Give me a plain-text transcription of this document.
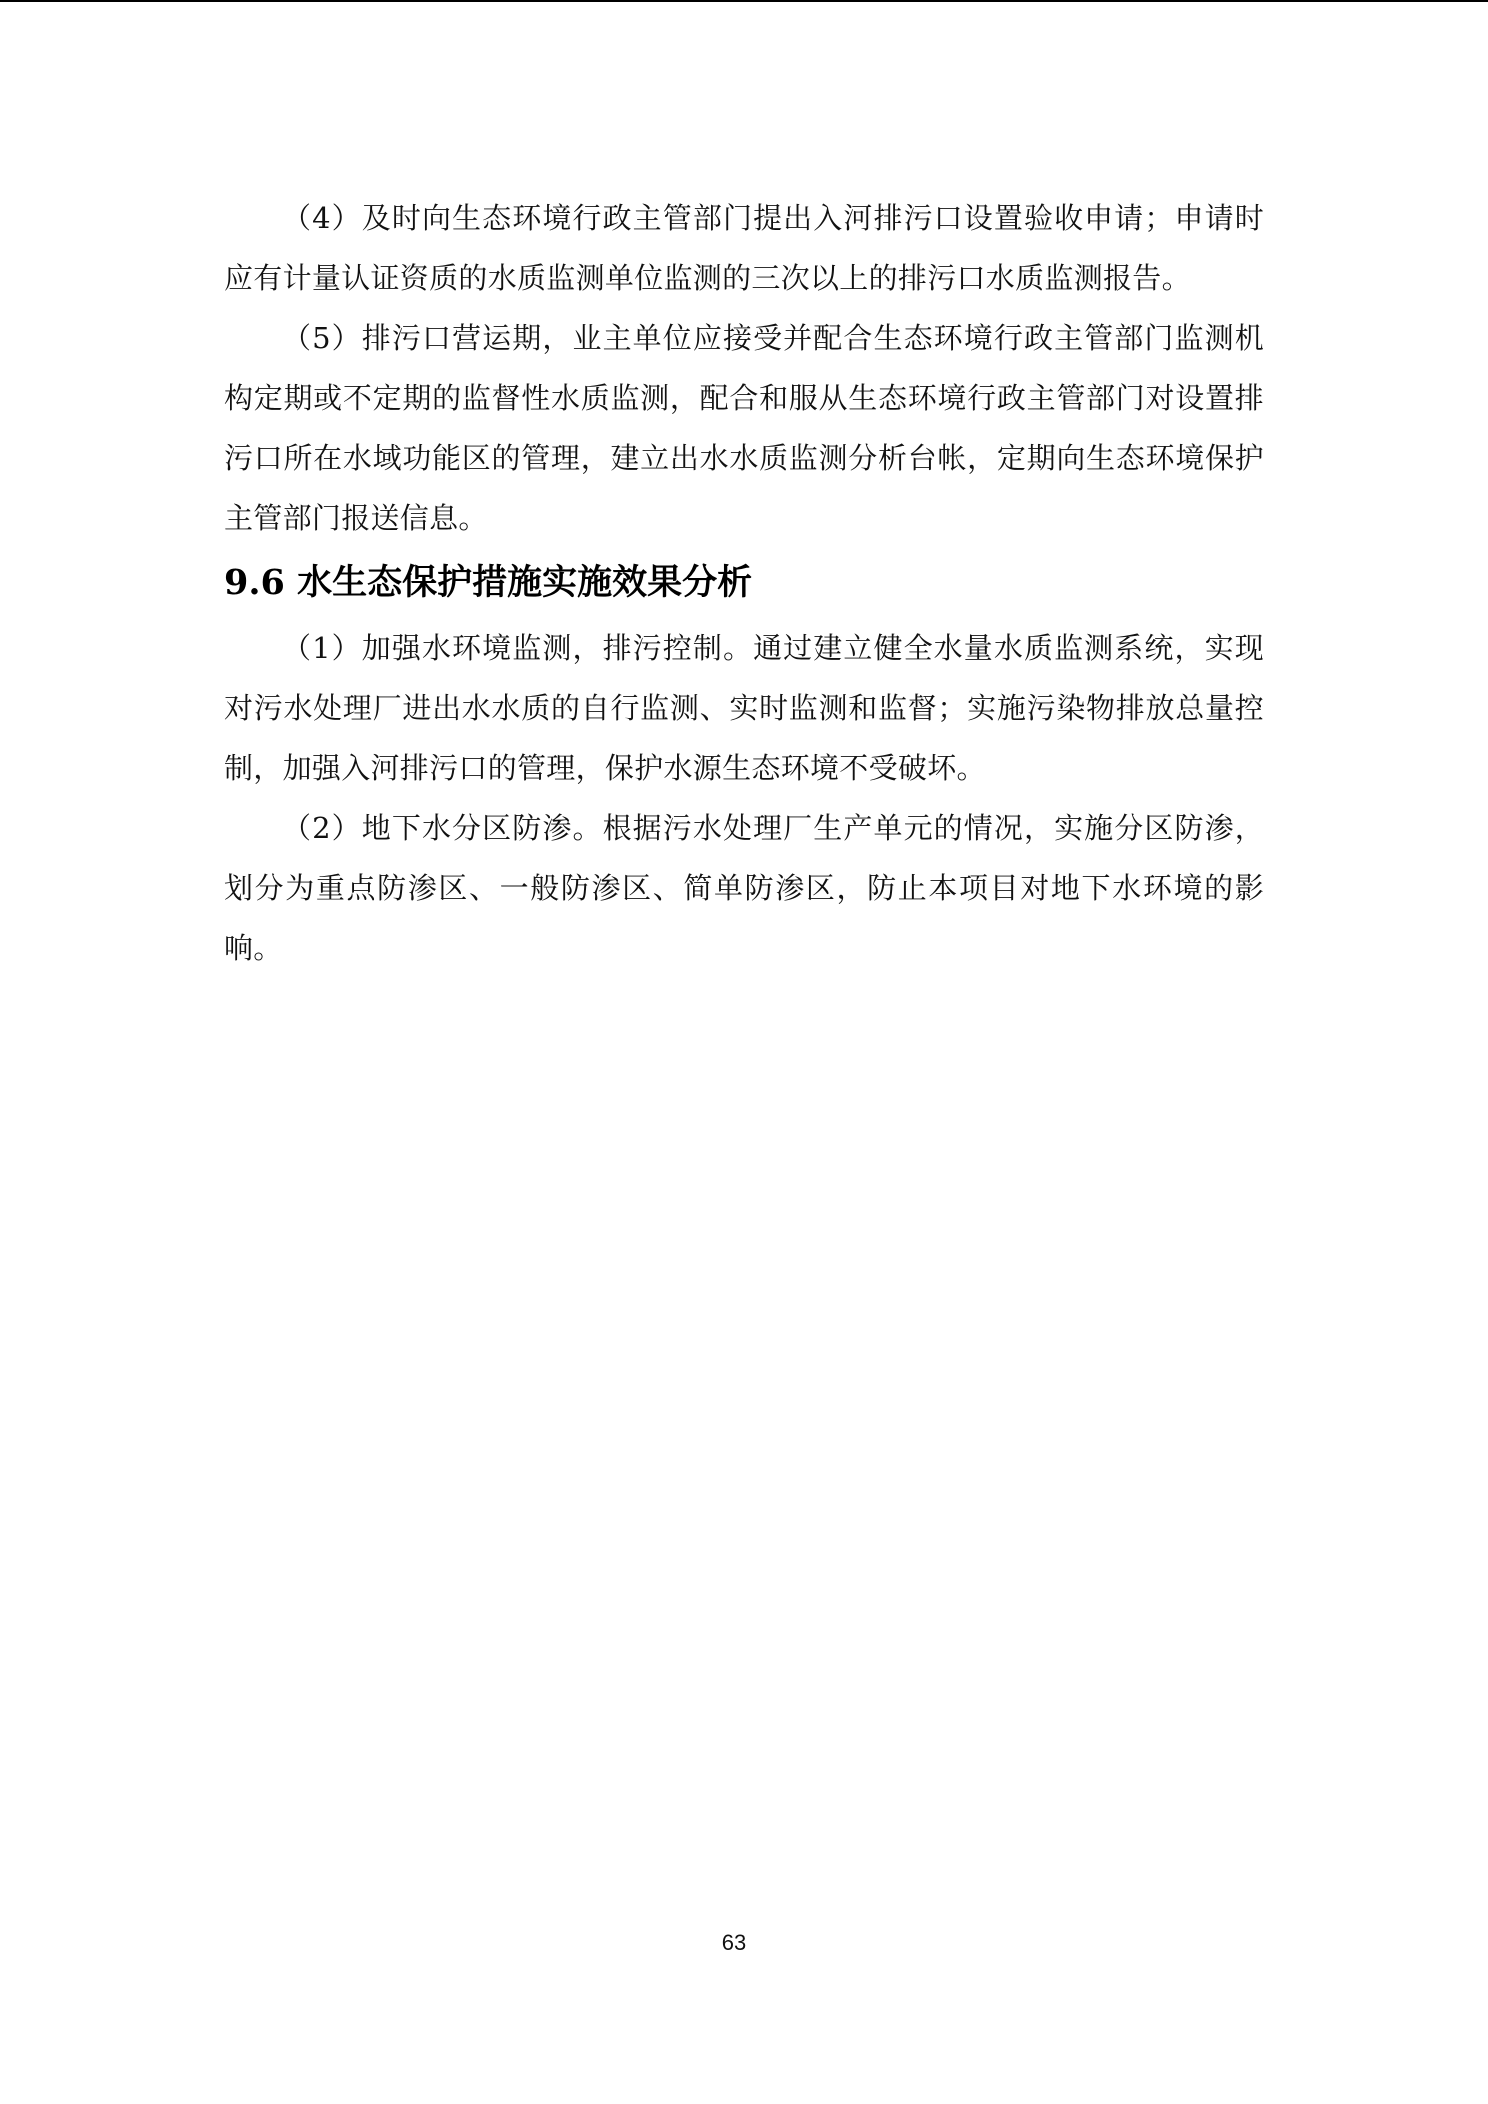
（4）及时向生态环境行政主管部门提出入河排污口设置验收申请；申请时应有计量认证资质的水质监测单位监测的三次以上的排污口水质监测报告。

（5）排污口营运期，业主单位应接受并配合生态环境行政主管部门监测机构定期或不定期的监督性水质监测，配合和服从生态环境行政主管部门对设置排污口所在水域功能区的管理，建立出水水质监测分析台帐，定期向生态环境保护主管部门报送信息。

9.6 水生态保护措施实施效果分析

（1）加强水环境监测，排污控制。通过建立健全水量水质监测系统，实现对污水处理厂进出水水质的自行监测、实时监测和监督；实施污染物排放总量控制，加强入河排污口的管理，保护水源生态环境不受破坏。

（2）地下水分区防渗。根据污水处理厂生产单元的情况，实施分区防渗，划分为重点防渗区、一般防渗区、简单防渗区，防止本项目对地下水环境的影响。

63
